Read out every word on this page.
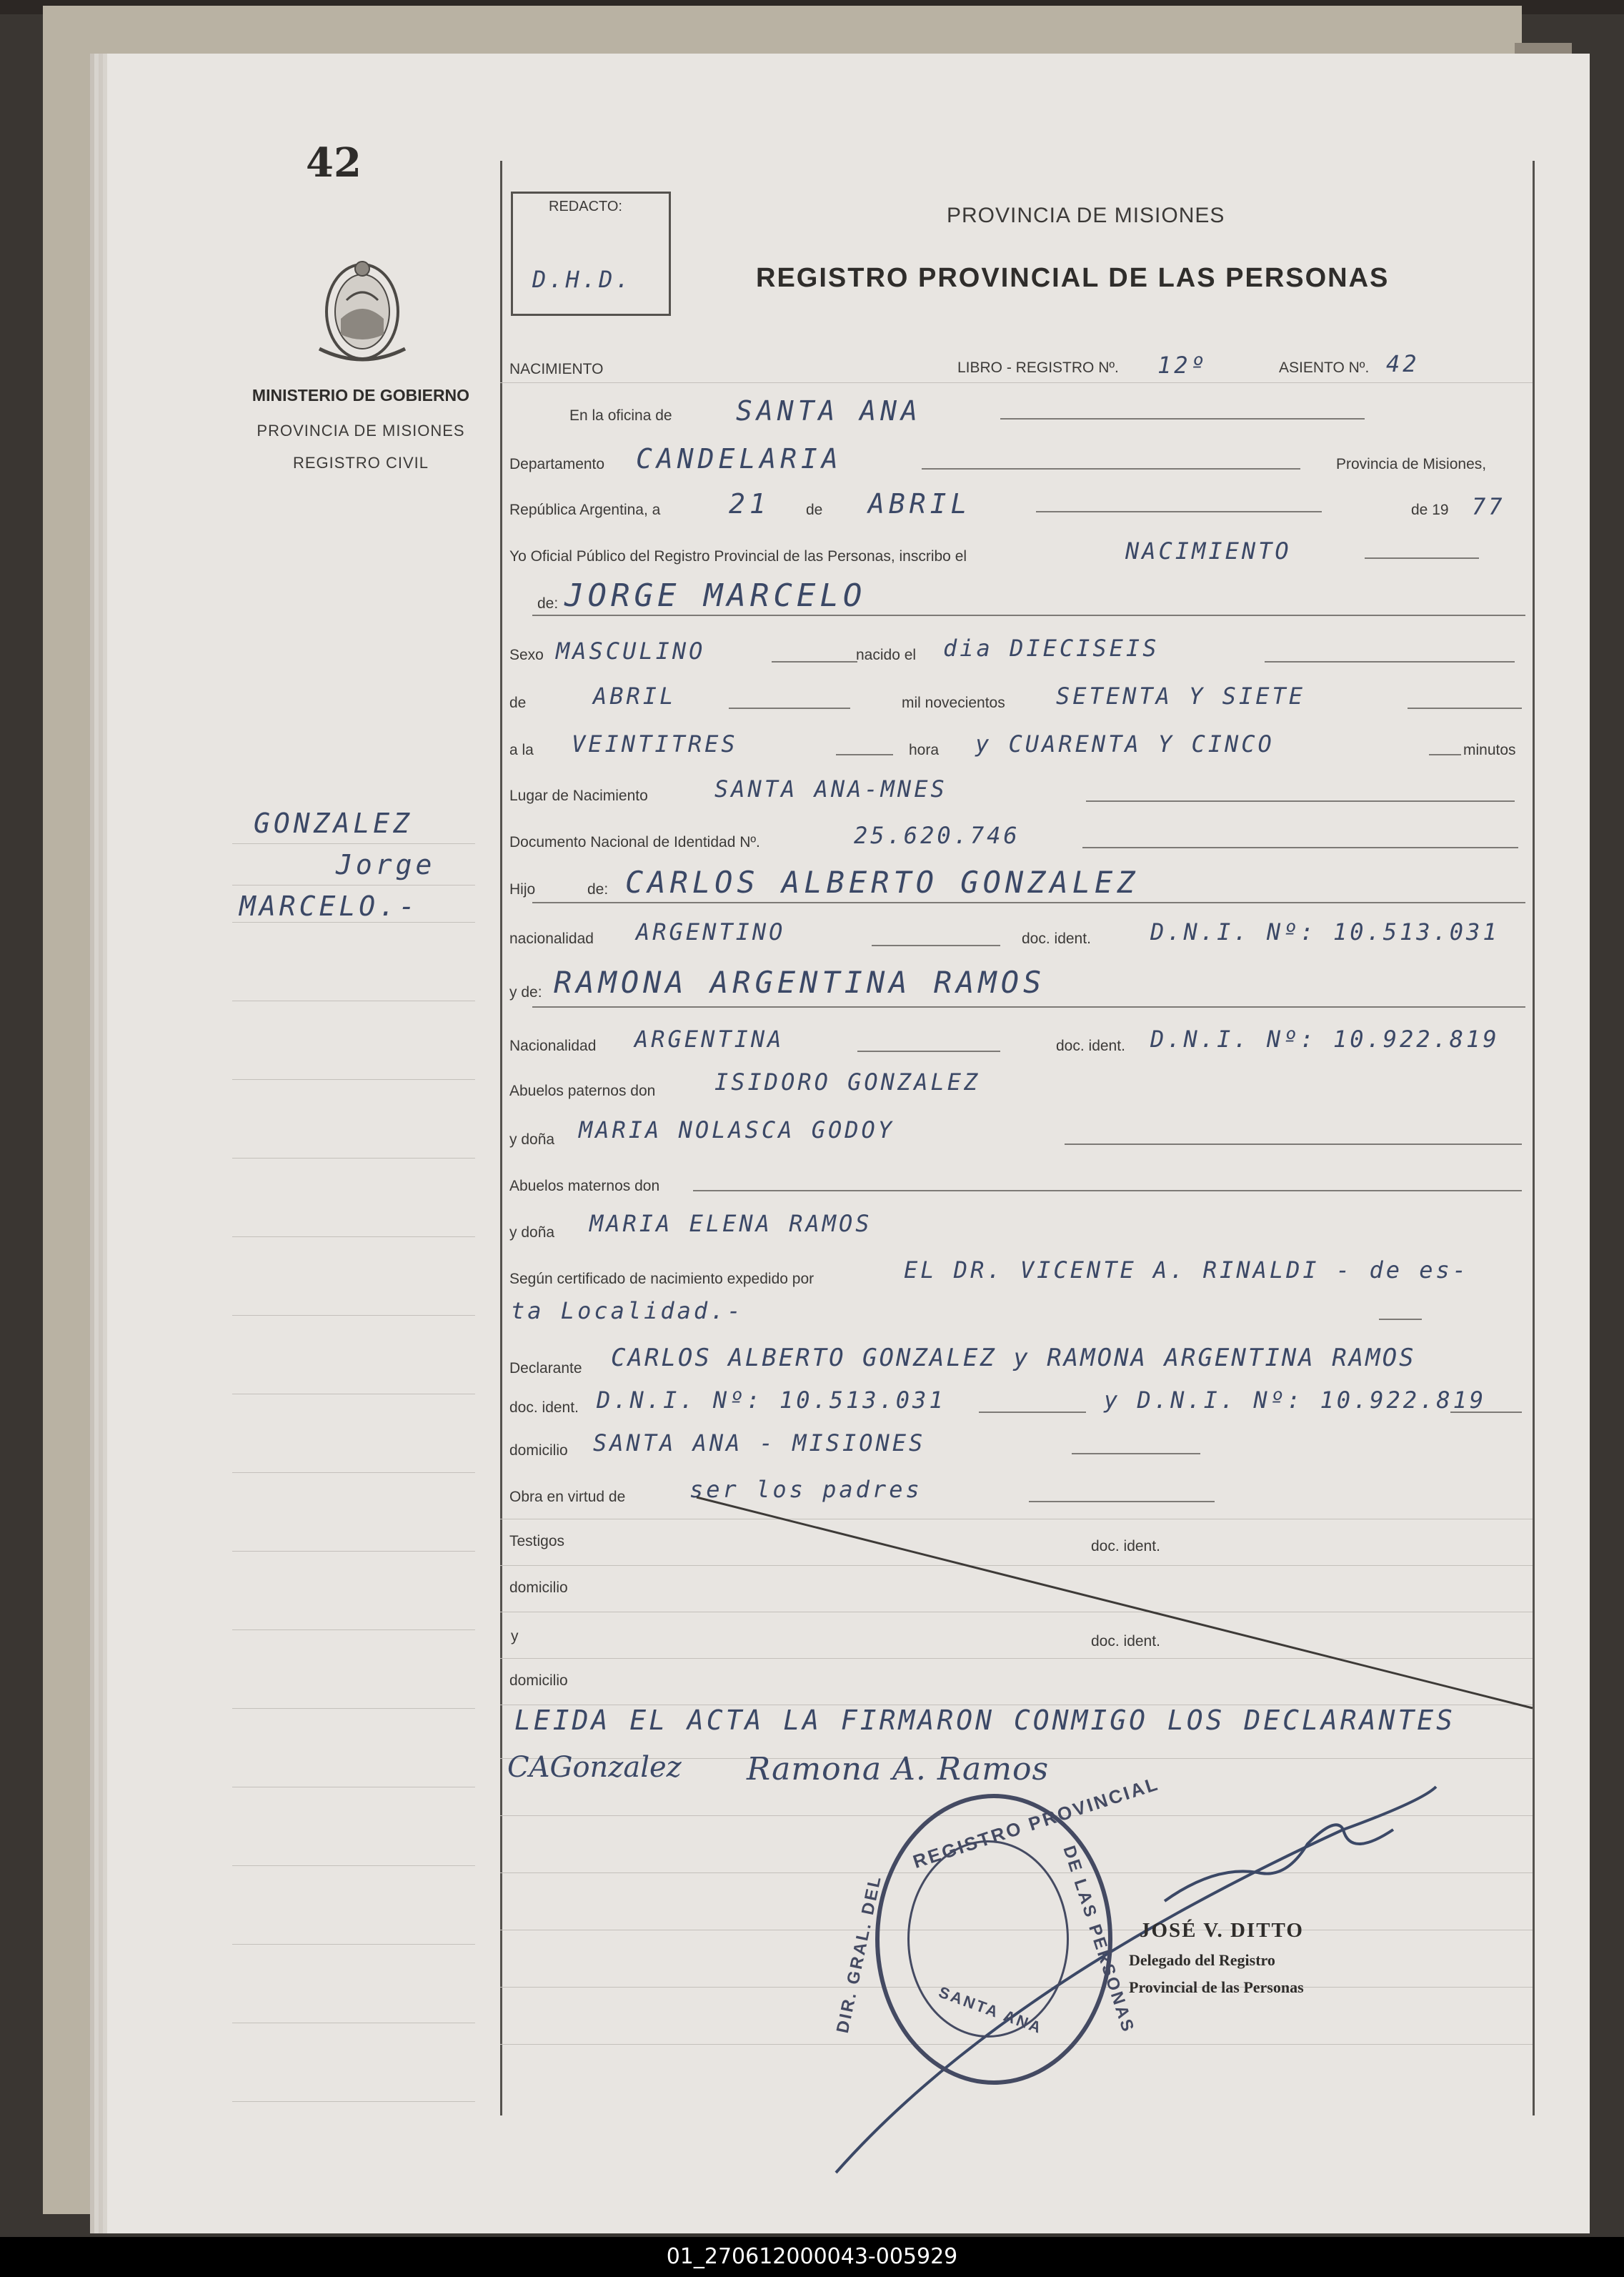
42
MINISTERIO DE GOBIERNO
PROVINCIA DE MISIONES
REGISTRO CIVIL
GONZALEZ
Jorge
MARCELO.-
REDACTO:
D.H.D.
PROVINCIA DE MISIONES
REGISTRO PROVINCIAL DE LAS PERSONAS
NACIMIENTO	LIBRO - REGISTRO Nº. 12º	ASIENTO Nº. 42
En la oficina de SANTA ANA
Departamento CANDELARIA	Provincia de Misiones,
República Argentina, a	21 de ABRIL	de 19 77
Yo Oficial Público del Registro Provincial de las Personas, inscribo el	NACIMIENTO
de: JORGE MARCELO
Sexo MASCULINO	nacido el dia DIECISEIS
de	ABRIL	mil novecientos SETENTA Y SIETE
a la VEINTITRES	hora y CUARENTA Y CINCO	minutos
Lugar de Nacimiento	SANTA ANA-MNES
Documento Nacional de Identidad Nº.	25.620.746
Hijo	de: CARLOS ALBERTO GONZALEZ
nacionalidad ARGENTINO	doc. ident.	D.N.I. Nº: 10.513.031
y de: RAMONA ARGENTINA RAMOS
Nacionalidad ARGENTINA	doc. ident. D.N.I. Nº: 10.922.819
Abuelos paternos don	ISIDORO GONZALEZ
y doña MARIA NOLASCA GODOY
Abuelos maternos don
y doña MARIA ELENA RAMOS
Según certificado de nacimiento expedido por	EL DR. VICENTE A. RINALDI - de es-
ta Localidad.-
Declarante CARLOS ALBERTO GONZALEZ y RAMONA ARGENTINA RAMOS
doc. ident. D.N.I. Nº: 10.513.031	y D.N.I. Nº: 10.922.819
domicilio SANTA ANA - MISIONES
Obra en virtud de	ser los padres
Testigos	doc. ident.
domicilio
y	doc. ident.
domicilio
LEIDA EL ACTA LA FIRMARON CONMIGO LOS DECLARANTES
CAGonzalez Ramona A. Ramos
REGISTRO PROVINCIAL
DIR. GRAL. DEL	DE LAS PERSONAS
SANTA ANA
JOSÉ V. DITTO
Delegado del Registro
Provincial de las Personas
01_270612000043-005929
